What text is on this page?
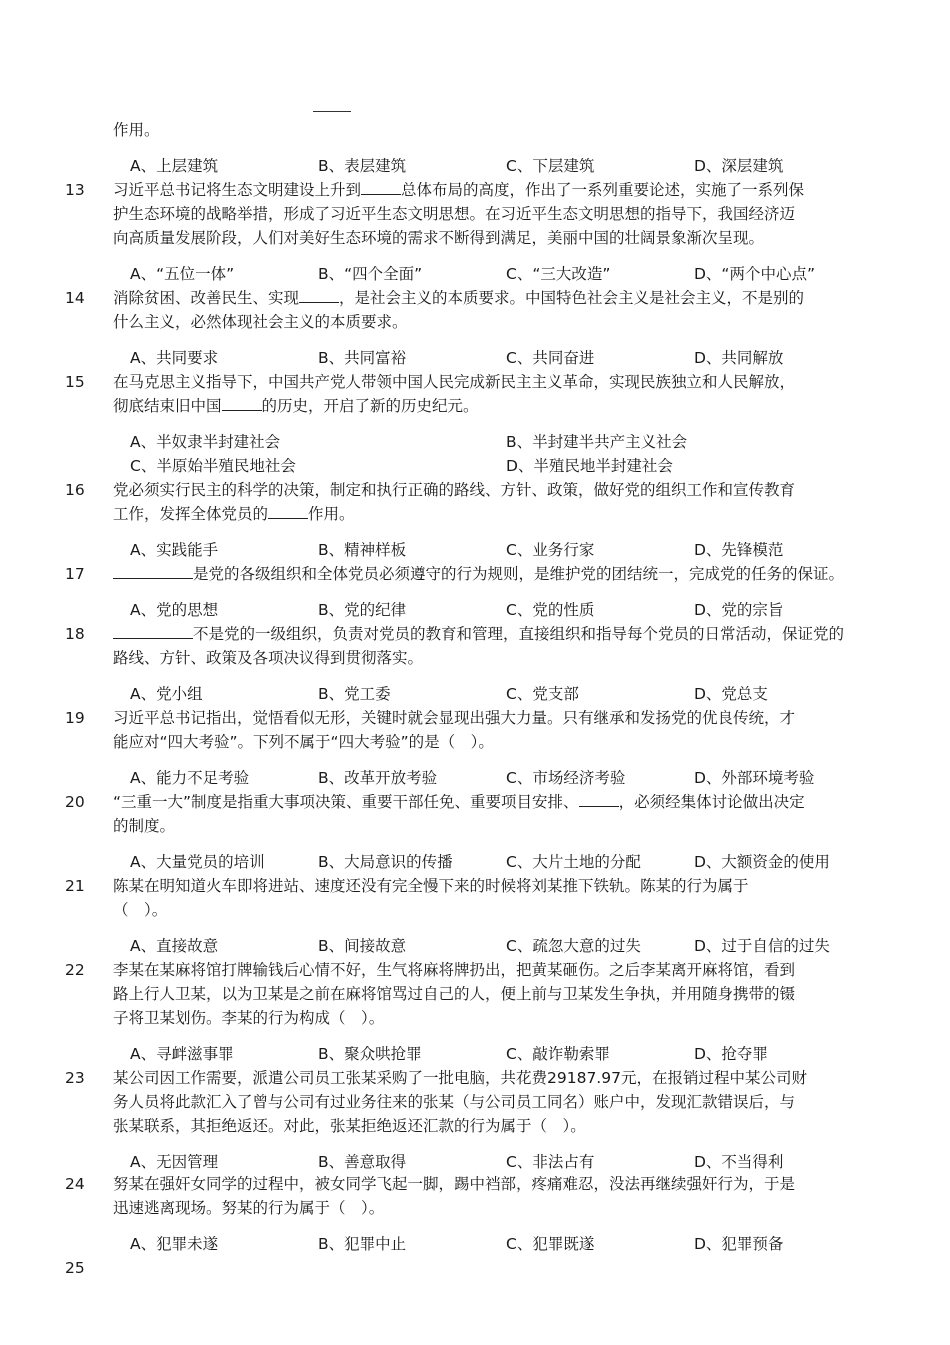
作用。
A、上层建筑	B、表层建筑	C、下层建筑	D、深层建筑
13 习近平总书记将生态文明建设上升到	总体布局的高度，作出了一系列重要论述，实施了一系列保
护生态环境的战略举措，形成了习近平生态文明思想。在习近平生态文明思想的指导下，我国经济迈
向高质量发展阶段，人们对美好生态环境的需求不断得到满足，美丽中国的壮阔景象渐次呈现。
A、“五位一体”	B、“四个全面”	C、“三大改造”	D、“两个中心点”
14 消除贫困、改善民生、实现	，是社会主义的本质要求。中国特色社会主义是社会主义，不是别的
什么主义，必然体现社会主义的本质要求。
A、共同要求	B、共同富裕	C、共同奋进	D、共同解放
15 在马克思主义指导下，中国共产党人带领中国人民完成新民主主义革命，实现民族独立和人民解放，
彻底结束旧中国	的历史，开启了新的历史纪元。
A、半奴隶半封建社会	B、半封建半共产主义社会
C、半原始半殖民地社会	D、半殖民地半封建社会
16 党必须实行民主的科学的决策，制定和执行正确的路线、方针、政策，做好党的组织工作和宣传教育
工作，发挥全体党员的	作用。
A、实践能手	B、精神样板	C、业务行家	D、先锋模范
17	是党的各级组织和全体党员必须遵守的行为规则，是维护党的团结统一，完成党的任务的保证。
A、党的思想	B、党的纪律	C、党的性质	D、党的宗旨
18	不是党的一级组织，负责对党员的教育和管理，直接组织和指导每个党员的日常活动，保证党的
路线、方针、政策及各项决议得到贯彻落实。
A、党小组	B、党工委	C、党支部	D、党总支
19 习近平总书记指出，觉悟看似无形，关键时就会显现出强大力量。只有继承和发扬党的优良传统，才
能应对“四大考验”。下列不属于“四大考验”的是（　）。
A、能力不足考验	B、改革开放考验	C、市场经济考验	D、外部环境考验
20 “三重一大”制度是指重大事项决策、重要干部任免、重要项目安排、	，必须经集体讨论做出决定
的制度。
A、大量党员的培训	B、大局意识的传播	C、大片土地的分配	D、大额资金的使用
21 陈某在明知道火车即将进站、速度还没有完全慢下来的时候将刘某推下铁轨。陈某的行为属于
（　）。
A、直接故意	B、间接故意	C、疏忽大意的过失	D、过于自信的过失
22 李某在某麻将馆打牌输钱后心情不好，生气将麻将牌扔出，把黄某砸伤。之后李某离开麻将馆，看到
路上行人卫某，以为卫某是之前在麻将馆骂过自己的人，便上前与卫某发生争执，并用随身携带的镊
子将卫某划伤。李某的行为构成（　）。
A、寻衅滋事罪	B、聚众哄抢罪	C、敲诈勒索罪	D、抢夺罪
23 某公司因工作需要，派遣公司员工张某采购了一批电脑，共花费29187.97元，在报销过程中某公司财
务人员将此款汇入了曾与公司有过业务往来的张某（与公司员工同名）账户中，发现汇款错误后，与
张某联系，其拒绝返还。对此，张某拒绝返还汇款的行为属于（　）。
A、无因管理	B、善意取得	C、非法占有	D、不当得利
24 努某在强奸女同学的过程中，被女同学飞起一脚，踢中裆部，疼痛难忍，没法再继续强奸行为，于是
迅速逃离现场。努某的行为属于（　）。
A、犯罪未遂	B、犯罪中止	C、犯罪既遂	D、犯罪预备
25
